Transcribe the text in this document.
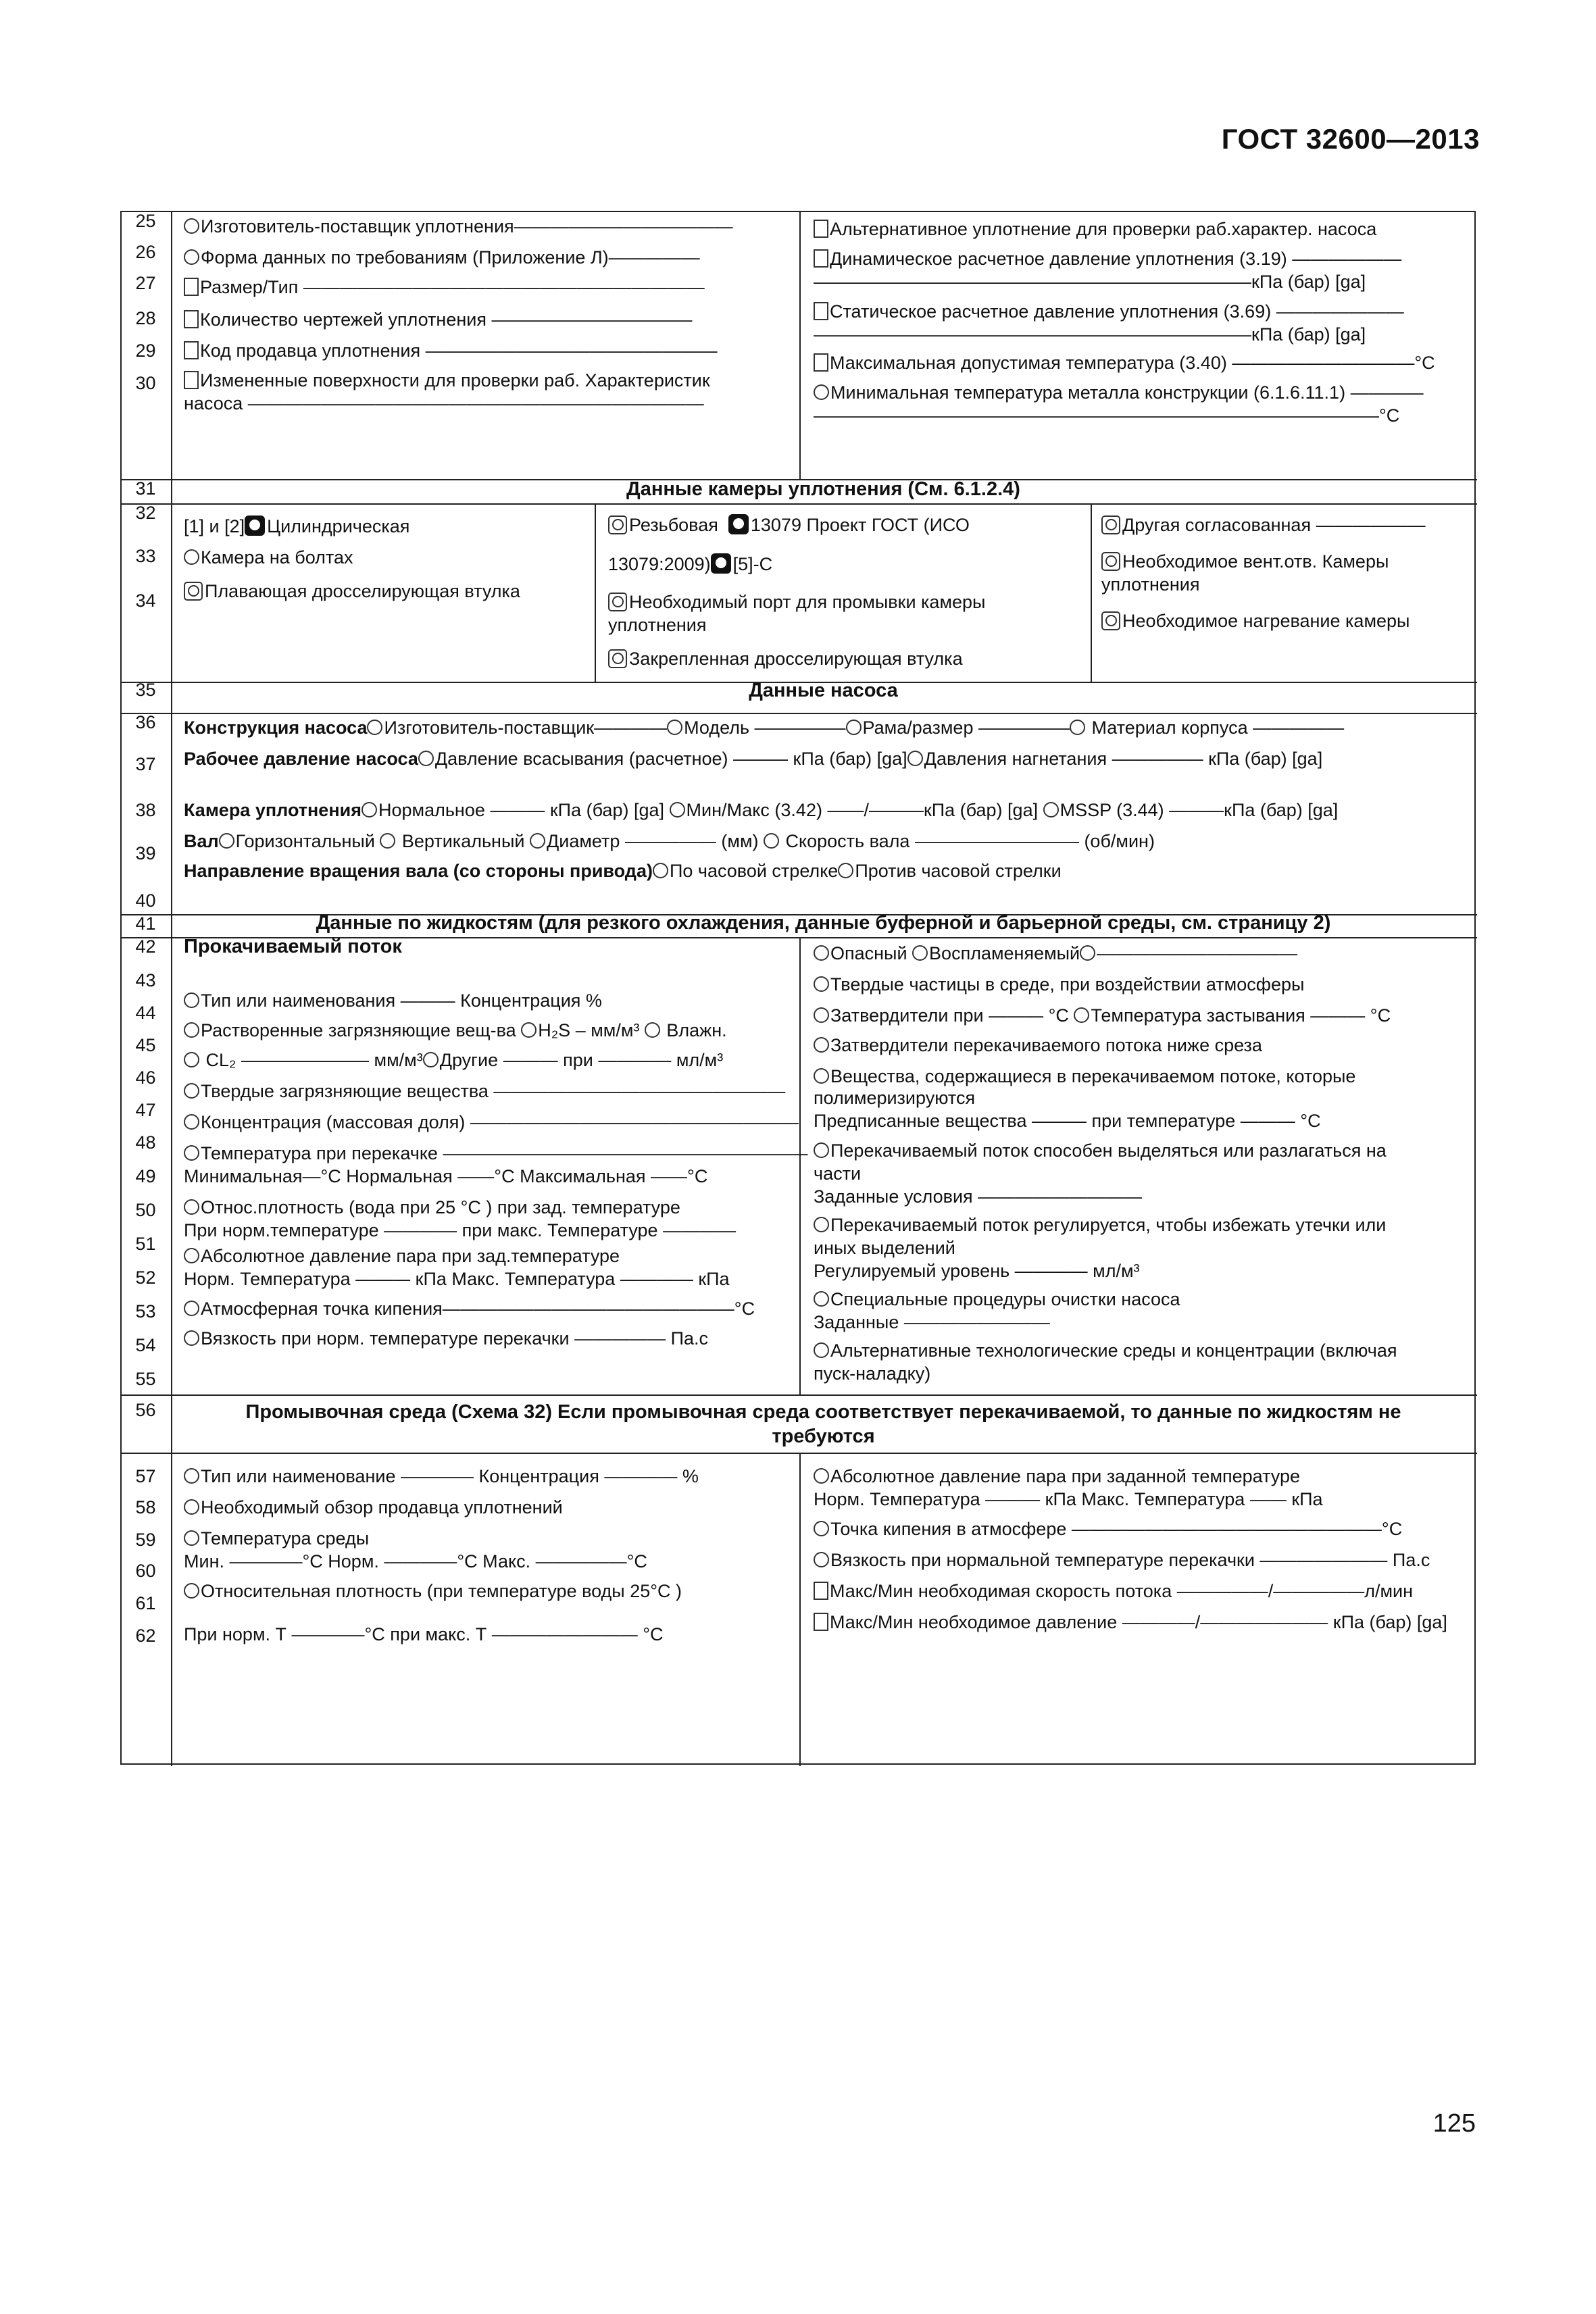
ГОСТ 32600—2013
25
26
27
28
29
30
31
32
33
34
35
36
37
38
39
40
41
42
43
44
45
46
47
48
49
50
51
52
53
54
55
56
57
58
59
60
61
62
Изготовитель-поставщик уплотнения————————————
Форма данных по требованиям (Приложение Л)—————
Размер/Тип ——————————————————————
Количество чертежей уплотнения ———————————
Код продавца уплотнения ————————————————
Измененные поверхности для проверки раб. Характеристик
насоса —————————————————————————
Альтернативное уплотнение для проверки раб.характер. насоса
Динамическое расчетное давление уплотнения (3.19) ——————
————————————————————————кПа (бар) [ga]
Статическое расчетное давление уплотнения (3.69) ———————
————————————————————————кПа (бар) [ga]
Максимальная допустимая температура (3.40) ——————————°С
Минимальная температура металла конструкции (6.1.6.11.1) ————
———————————————————————————————°С
Данные камеры уплотнения (См. 6.1.2.4)
[1] и [2] Цилиндрическая
Камера на болтах
Плавающая дросселирующая втулка
Резьбовая 13079 Проект ГОСТ (ИСО
13079:2009) [5]-С
Необходимый порт для промывки камеры
уплотнения
Закрепленная дросселирующая втулка
Другая согласованная ——————
Необходимое вент.отв. Камеры
уплотнения
Необходимое нагревание камеры
Данные насоса
Конструкция насоса Изготовитель-поставщик———— Модель ————— Рама/размер ————— Материал корпуса —————
Рабочее давление насоса Давление всасывания (расчетное) ——— кПа (бар) [ga] Давления нагнетания ————— кПа (бар) [ga]
Камера уплотнения Нормальное ——— кПа (бар) [ga] Мин/Макс (3.42) ——/———кПа (бар) [ga] MSSP (3.44) ———кПа (бар) [ga]
Вал Горизонтальный  Вертикальный Диаметр ————— (мм)  Скорость вала ————————— (об/мин)
Направление вращения вала (со стороны привода) По часовой стрелке Против часовой стрелки
Данные по жидкостям (для резкого охлаждения, данные буферной и барьерной среды, см. страницу 2)
Прокачиваемый поток
Тип или наименования ——— Концентрация %
Растворенные загрязняющие вещ-ва H₂S – мм/м³  Влажн.
CL₂ ——————— мм/м³ Другие ——— при ———— мл/м³
Твердые загрязняющие вещества ————————————————
Концентрация (массовая доля) ——————————————————
Температура при перекачке ————————————————————
Минимальная—°С Нормальная ——°С Максимальная ——°С
Относ.плотность (вода при 25 °С ) при зад. температуре
При норм.температуре ———— при макс. Температуре ————
Абсолютное давление пара при зад.температуре
Норм. Температура ——— кПа Макс. Температура ———— кПа
Атмосферная точка кипения————————————————°С
Вязкость при норм. температуре перекачки ————— Па.с
Опасный Воспламеняемый ———————————
Твердые частицы в среде, при воздействии атмосферы
Затвердители при ——— °С Температура застывания ——— °С
Затвердители перекачиваемого потока ниже среза
Вещества, содержащиеся в перекачиваемом потоке, которые
полимеризируются
Предписанные вещества ——— при температуре ——— °С
Перекачиваемый поток способен выделяться или разлагаться на
части
Заданные условия —————————
Перекачиваемый поток регулируется, чтобы избежать утечки или
иных выделений
Регулируемый уровень ———— мл/м³
Специальные процедуры очистки насоса
Заданные ————————
Альтернативные технологические среды и концентрации (включая
пуск-наладку)
Промывочная среда (Схема 32) Если промывочная среда соответствует перекачиваемой, то данные по жидкостям не
требуются
Тип или наименование ———— Концентрация ———— %
Необходимый обзор продавца уплотнений
Температура среды
Мин. ————°С Норм. ————°С Макс. —————°С
Относительная плотность (при температуре воды 25°С )
При норм. Т ————°С при макс. Т ———————— °С
Абсолютное давление пара при заданной температуре
Норм. Температура ——— кПа Макс. Температура —— кПа
Точка кипения в атмосфере —————————————————°С
Вязкость при нормальной температуре перекачки ——————— Па.с
Макс/Мин необходимая скорость потока —————/—————л/мин
Макс/Мин необходимое давление ————/——————— кПа (бар) [ga]
125
